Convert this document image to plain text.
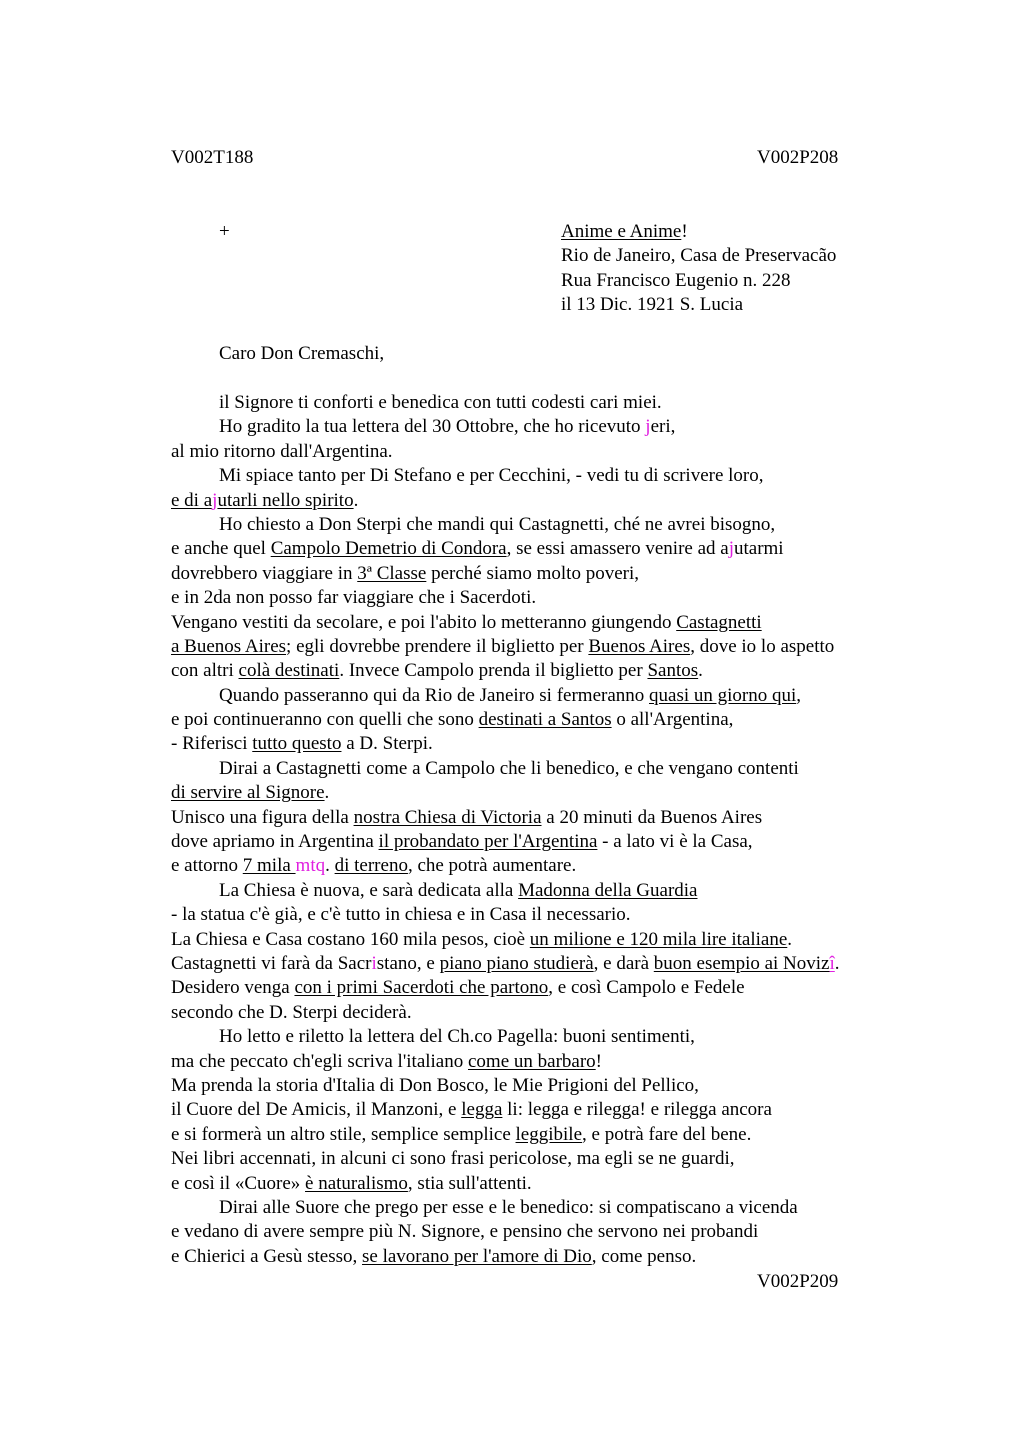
V002T188	V002P208
+	Anime e Anime!
Rio de Janeiro, Casa de Preservacão
Rua Francisco Eugenio n. 228
il 13 Dic. 1921 S. Lucia
Caro Don Cremaschi,
il Signore ti conforti e benedica con tutti codesti cari miei.
Ho gradito la tua lettera del 30 Ottobre, che ho ricevuto jeri,
al mio ritorno dall'Argentina.
Mi spiace tanto per Di Stefano e per Cecchini, - vedi tu di scrivere loro,
e di ajutarli nello spirito.
Ho chiesto a Don Sterpi che mandi qui Castagnetti, ché ne avrei bisogno,
e anche quel Campolo Demetrio di Condora, se essi amassero venire ad ajutarmi
dovrebbero viaggiare in 3ª Classe perché siamo molto poveri,
e in 2da non posso far viaggiare che i Sacerdoti.
Vengano vestiti da secolare, e poi l'abito lo metteranno giungendo Castagnetti
a Buenos Aires; egli dovrebbe prendere il biglietto per Buenos Aires, dove io lo aspetto
con altri colà destinati. Invece Campolo prenda il biglietto per Santos.
Quando passeranno qui da Rio de Janeiro si fermeranno quasi un giorno qui,
e poi continueranno con quelli che sono destinati a Santos o all'Argentina,
- Riferisci tutto questo a D. Sterpi.
Dirai a Castagnetti come a Campolo che li benedico, e che vengano contenti
di servire al Signore.
Unisco una figura della nostra Chiesa di Victoria a 20 minuti da Buenos Aires
dove apriamo in Argentina il probandato per l'Argentina - a lato vi è la Casa,
e attorno 7 mila mtq. di terreno, che potrà aumentare.
La Chiesa è nuova, e sarà dedicata alla Madonna della Guardia
- la statua c'è già, e c'è tutto in chiesa e in Casa il necessario.
La Chiesa e Casa costano 160 mila pesos, cioè un milione e 120 mila lire italiane.
Castagnetti vi farà da Sacristano, e piano piano studierà, e darà buon esempio ai Novizî.
Desidero venga con i primi Sacerdoti che partono, e così Campolo e Fedele
secondo che D. Sterpi deciderà.
Ho letto e riletto la lettera del Ch.co Pagella: buoni sentimenti,
ma che peccato ch'egli scriva l'italiano come un barbaro!
Ma prenda la storia d'Italia di Don Bosco, le Mie Prigioni del Pellico,
il Cuore del De Amicis, il Manzoni, e legga li: legga e rilegga! e rilegga ancora
e si formerà un altro stile, semplice semplice leggibile, e potrà fare del bene.
Nei libri accennati, in alcuni ci sono frasi pericolose, ma egli se ne guardi,
e così il «Cuore» è naturalismo, stia sull'attenti.
Dirai alle Suore che prego per esse e le benedico: si compatiscano a vicenda
e vedano di avere sempre più N. Signore, e pensino che servono nei probandi
e Chierici a Gesù stesso, se lavorano per l'amore di Dio, come penso.
V002P209
